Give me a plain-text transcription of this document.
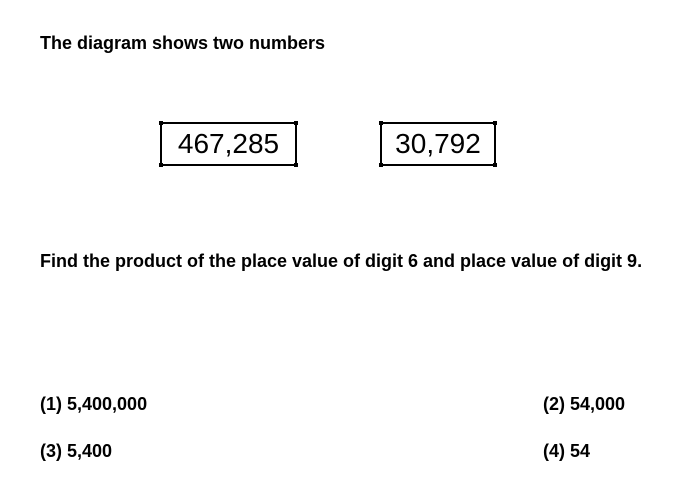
The diagram shows two numbers

467,285	30,792

Find the product of the place value of digit 6 and place value of digit 9.

(1) 5,400,000	(2) 54,000
(3) 5,400	(4) 54
